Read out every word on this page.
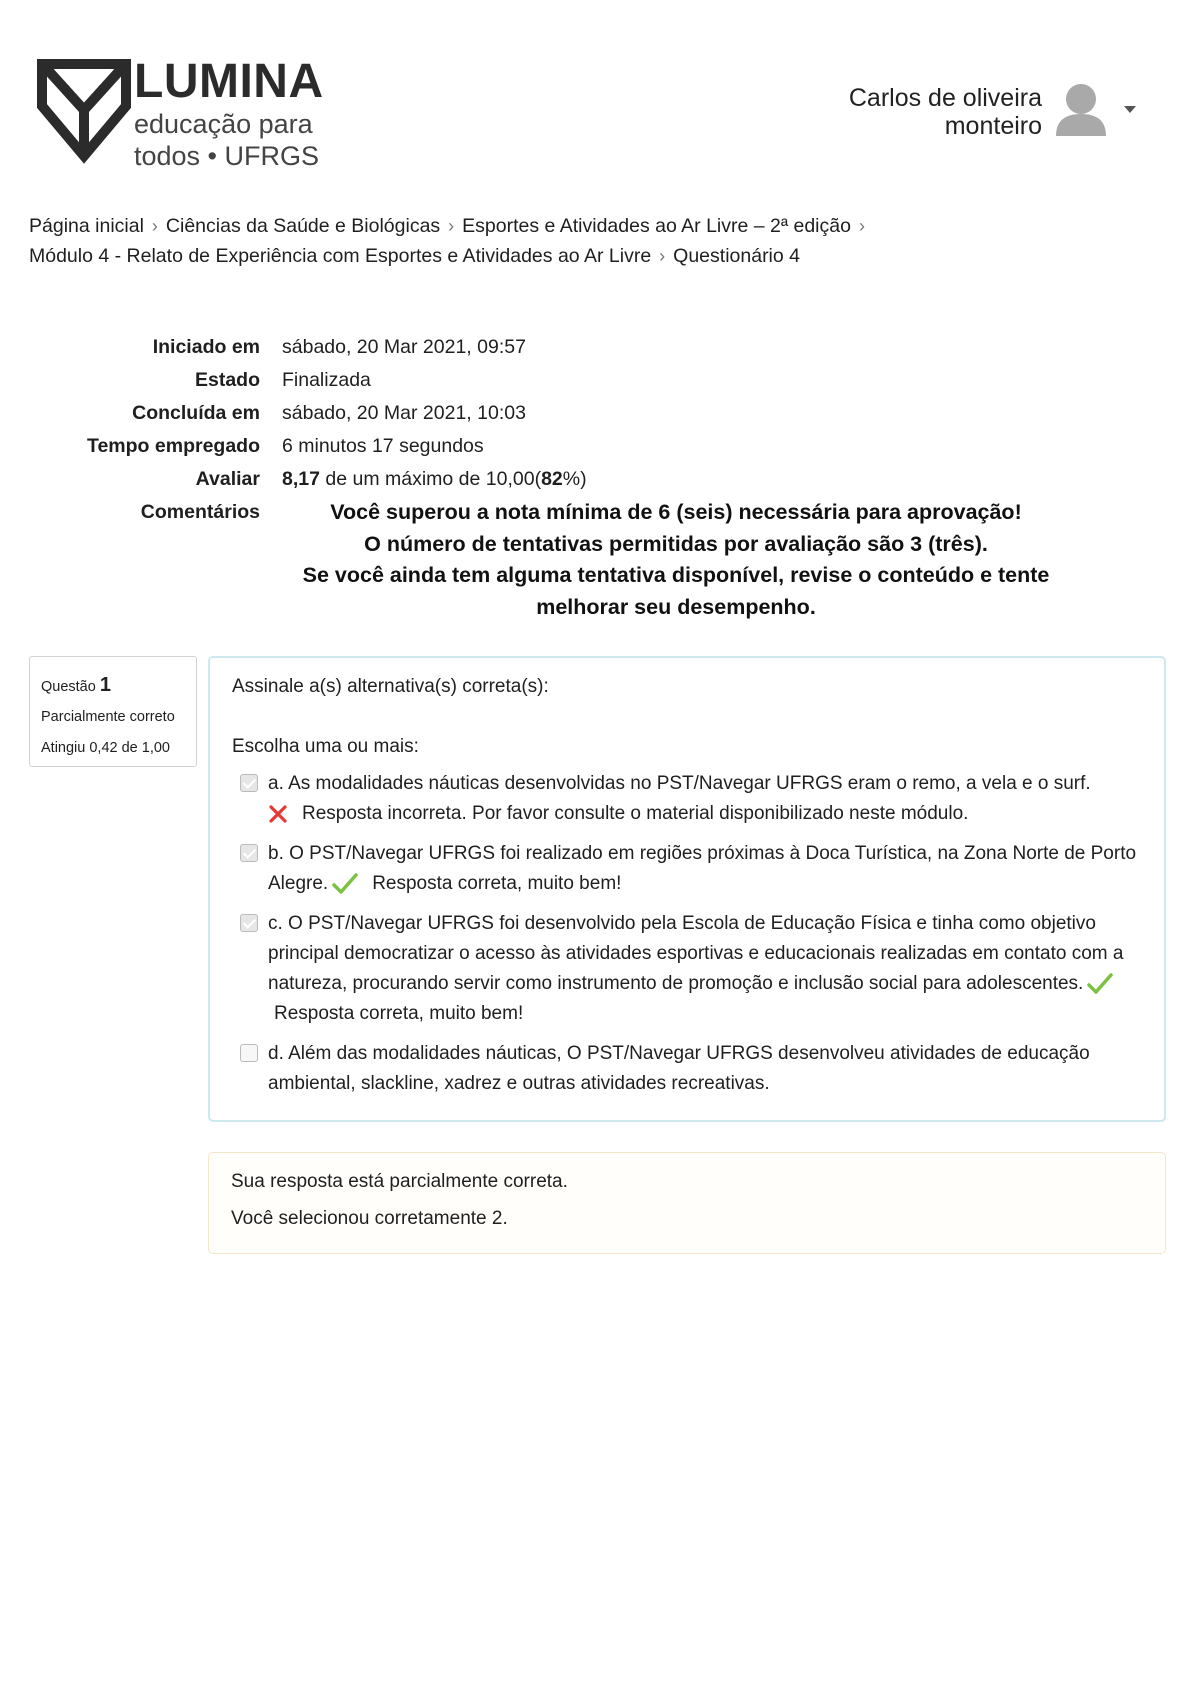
LUMINA
educação para
todos • UFRGS
Carlos de oliveira
monteiro
Página inicial › Ciências da Saúde e Biológicas › Esportes e Atividades ao Ar Livre – 2ª edição ›
Módulo 4 - Relato de Experiência com Esportes e Atividades ao Ar Livre › Questionário 4
Iniciado em	sábado, 20 Mar 2021, 09:57
Estado	Finalizada
Concluída em	sábado, 20 Mar 2021, 10:03
Tempo empregado	6 minutos 17 segundos
Avaliar	8,17 de um máximo de 10,00(82%)
Comentários	Você superou a nota mínima de 6 (seis) necessária para aprovação!
O número de tentativas permitidas por avaliação são 3 (três).
Se você ainda tem alguma tentativa disponível, revise o conteúdo e tente
melhorar seu desempenho.
Questão 1
Parcialmente correto
Atingiu 0,42 de 1,00
Assinale a(s) alternativa(s) correta(s):
Escolha uma ou mais:
a. As modalidades náuticas desenvolvidas no PST/Navegar UFRGS eram o remo, a vela e o surf.
Resposta incorreta. Por favor consulte o material disponibilizado neste módulo.
b. O PST/Navegar UFRGS foi realizado em regiões próximas à Doca Turística, na Zona Norte de Porto Alegre. Resposta correta, muito bem!
c. O PST/Navegar UFRGS foi desenvolvido pela Escola de Educação Física e tinha como objetivo principal democratizar o acesso às atividades esportivas e educacionais realizadas em contato com a natureza, procurando servir como instrumento de promoção e inclusão social para adolescentes.Resposta correta, muito bem!
d. Além das modalidades náuticas, O PST/Navegar UFRGS desenvolveu atividades de educação ambiental, slackline, xadrez e outras atividades recreativas.
Sua resposta está parcialmente correta.
Você selecionou corretamente 2.
